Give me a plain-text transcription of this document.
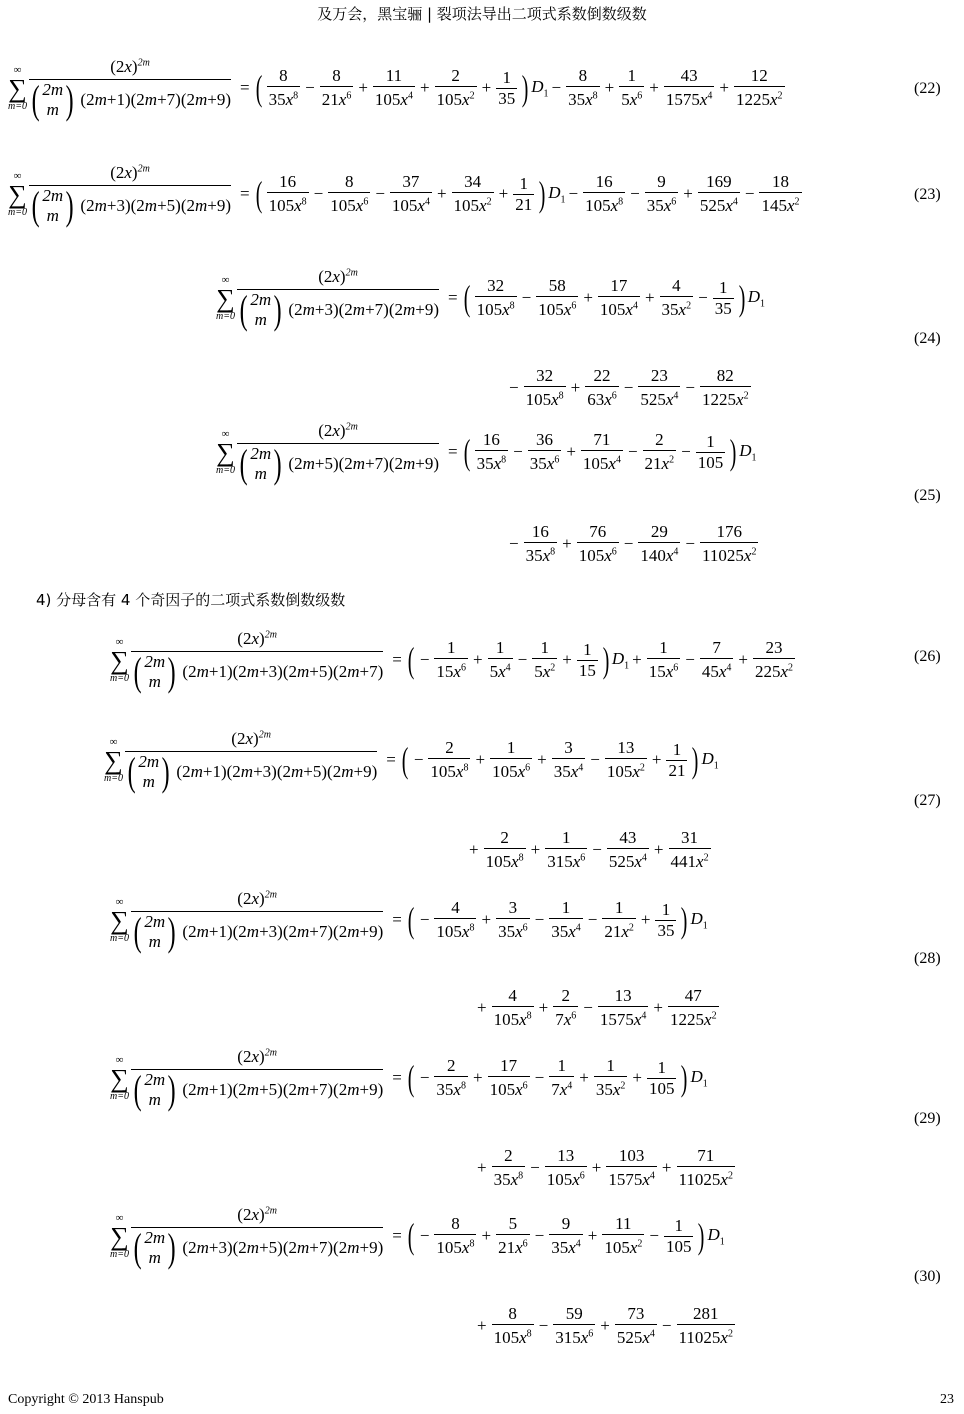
及万会，黑宝骊 | 裂项法导出二项式系数倒数级数
∞
∑
m=0 $(2x)^{2m}$
( 2m
m ) (2m+1)(2m+7)(2m+9) = ( $\frac{8}{35x^8} - \frac{8}{21x^6} + \frac{11}{105x^4} + \frac{2}{105x^2} + \frac{1}{35}$ ) $D_1 - \frac{8}{35x^8} + \frac{1}{5x^6} + \frac{43}{1575x^4} + \frac{12}{1225x^2}$	(22)
∞
∑
m=0 $(2x)^{2m}$
( 2m
m ) (2m+3)(2m+5)(2m+9) = ( $\frac{16}{105x^8} - \frac{8}{105x^6} - \frac{37}{105x^4} + \frac{34}{105x^2} + \frac{1}{21}$ ) $D_1 - \frac{16}{105x^8} - \frac{9}{35x^6} + \frac{169}{525x^4} - \frac{18}{145x^2}$	(23)
∞
∑
m=0 $(2x)^{2m}$
( 2m
m ) (2m+3)(2m+7)(2m+9) = ( $\frac{32}{105x^8} - \frac{58}{105x^6} + \frac{17}{105x^4} + \frac{4}{35x^2} - \frac{1}{35}$ ) $D_1$
− $\frac{32}{105x^8} + \frac{22}{63x^6} - \frac{23}{525x^4} - \frac{82}{1225x^2}$
(24)
∞
∑
m=0 $(2x)^{2m}$
( 2m
m ) (2m+5)(2m+7)(2m+9) = ( $\frac{16}{35x^8} - \frac{36}{35x^6} + \frac{71}{105x^4} - \frac{2}{21x^2} - \frac{1}{105}$ ) $D_1$
− $\frac{16}{35x^8} + \frac{76}{105x^6} - \frac{29}{140x^4} - \frac{176}{11025x^2}$
(25)
∞
∑
m=0 $(2x)^{2m}$
( 2m
m ) (2m+1)(2m+3)(2m+5)(2m+7) = ( − $\frac{1}{15x^6} + \frac{1}{5x^4} - \frac{1}{5x^2} + \frac{1}{15}$ ) $D_1 + \frac{1}{15x^6} - \frac{7}{45x^4} + \frac{23}{225x^2}$	(26)
∞
∑
m=0 $(2x)^{2m}$
( 2m
m ) (2m+1)(2m+3)(2m+5)(2m+9) = ( − $\frac{2}{105x^8} + \frac{1}{105x^6} + \frac{3}{35x^4} - \frac{13}{105x^2} + \frac{1}{21}$ ) $D_1$
+ $\frac{2}{105x^8} + \frac{1}{315x^6} - \frac{43}{525x^4} + \frac{31}{441x^2}$
(27)
∞
∑
m=0 $(2x)^{2m}$
( 2m
m ) (2m+1)(2m+3)(2m+7)(2m+9) = ( − $\frac{4}{105x^8} + \frac{3}{35x^6} - \frac{1}{35x^4} - \frac{1}{21x^2} + \frac{1}{35}$ ) $D_1$
+ $\frac{4}{105x^8} + \frac{2}{7x^6} - \frac{13}{1575x^4} + \frac{47}{1225x^2}$
(28)
∞
∑
m=0 $(2x)^{2m}$
( 2m
m ) (2m+1)(2m+5)(2m+7)(2m+9) = ( − $\frac{2}{35x^8} + \frac{17}{105x^6} - \frac{1}{7x^4} + \frac{1}{35x^2} + \frac{1}{105}$ ) $D_1$
+ $\frac{2}{35x^8} - \frac{13}{105x^6} + \frac{103}{1575x^4} + \frac{71}{11025x^2}$
(29)
∞
∑
m=0 $(2x)^{2m}$
( 2m
m ) (2m+3)(2m+5)(2m+7)(2m+9) = ( − $\frac{8}{105x^8} + \frac{5}{21x^6} - \frac{9}{35x^4} + \frac{11}{105x^2} - \frac{1}{105}$ ) $D_1$
+ $\frac{8}{105x^8} - \frac{59}{315x^6} + \frac{73}{525x^4} - \frac{281}{11025x^2}$
(30)
4) 分母含有 4 个奇因子的二项式系数倒数级数
Copyright © 2013 Hanspub	23
